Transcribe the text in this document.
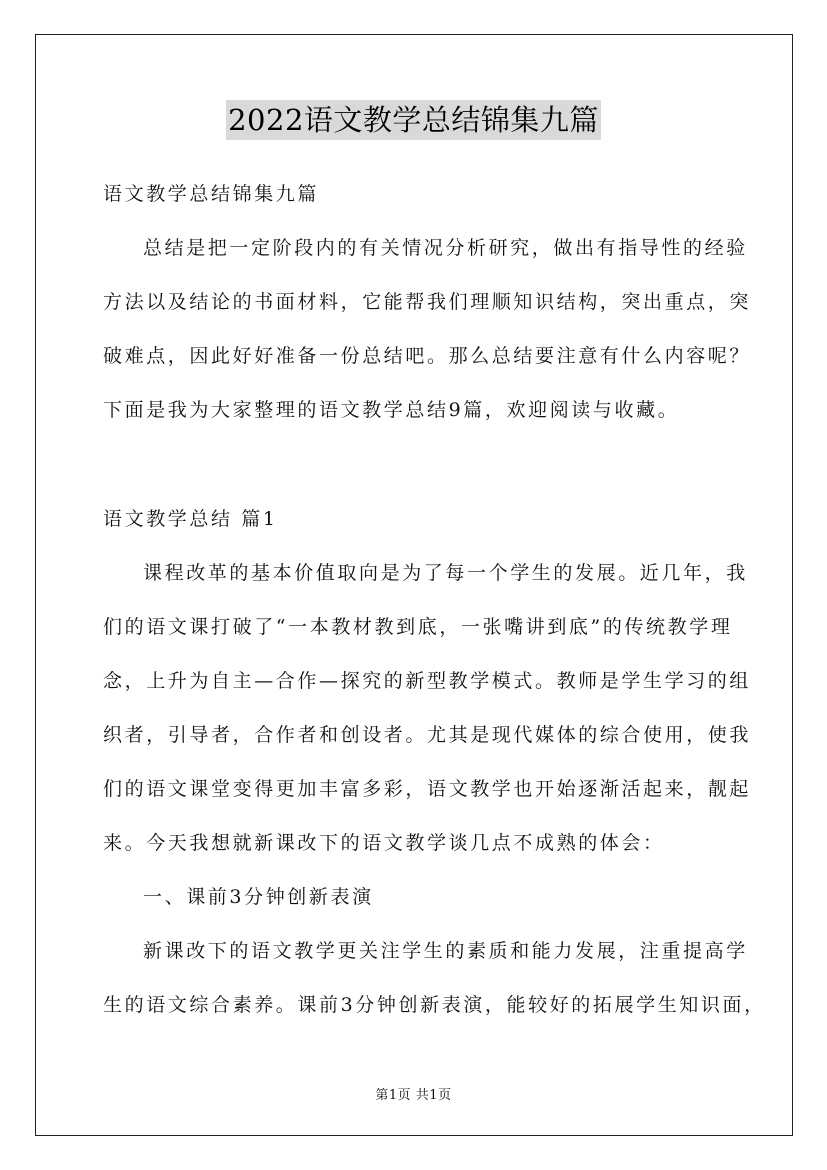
2022语文教学总结锦集九篇
语文教学总结锦集九篇
总结是把一定阶段内的有关情况分析研究，做出有指导性的经验
方法以及结论的书面材料，它能帮我们理顺知识结构，突出重点，突
破难点，因此好好准备一份总结吧。那么总结要注意有什么内容呢？
下面是我为大家整理的语文教学总结9篇，欢迎阅读与收藏。
语文教学总结 篇1
课程改革的基本价值取向是为了每一个学生的发展。近几年，我
们的语文课打破了“一本教材教到底，一张嘴讲到底”的传统教学理
念，上升为自主—合作—探究的新型教学模式。教师是学生学习的组
织者，引导者，合作者和创设者。尤其是现代媒体的综合使用，使我
们的语文课堂变得更加丰富多彩，语文教学也开始逐渐活起来，靓起
来。今天我想就新课改下的语文教学谈几点不成熟的体会：
一、课前3分钟创新表演
新课改下的语文教学更关注学生的素质和能力发展，注重提高学
生的语文综合素养。课前3分钟创新表演，能较好的拓展学生知识面，
第1页 共1页
